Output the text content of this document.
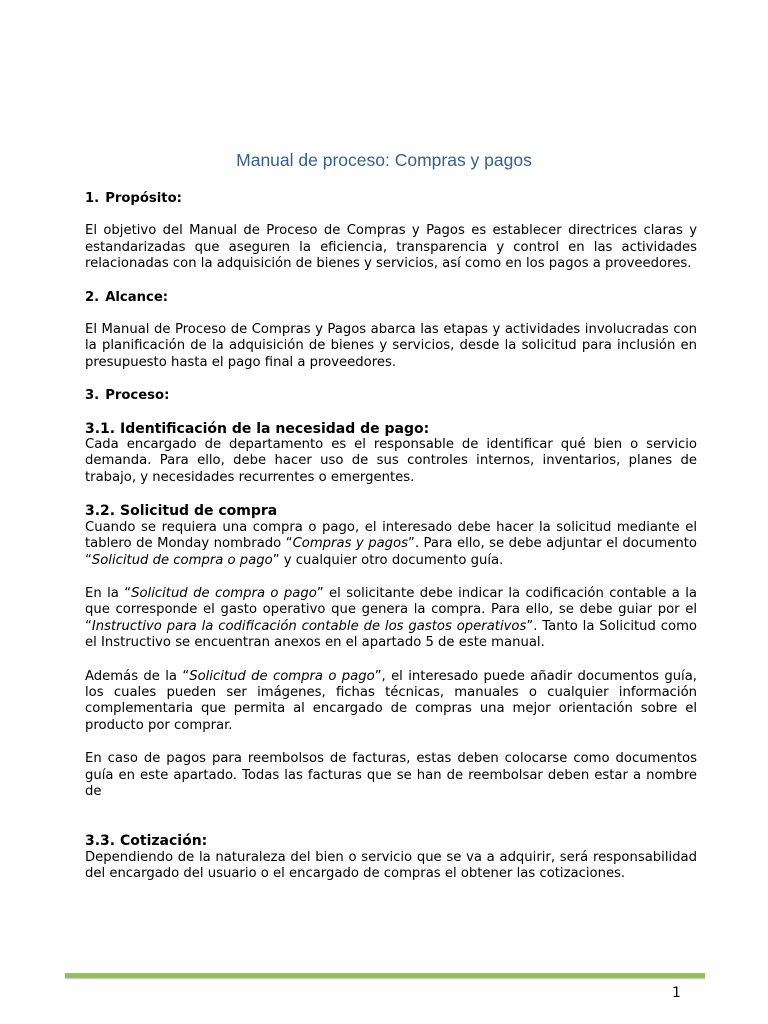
Manual de proceso: Compras y pagos
1. Propósito:

El objetivo del Manual de Proceso de Compras y Pagos es establecer directrices claras y estandarizadas que aseguren la eficiencia, transparencia y control en las actividades relacionadas con la adquisición de bienes y servicios, así como en los pagos a proveedores.

2. Alcance:

El Manual de Proceso de Compras y Pagos abarca las etapas y actividades involucradas con la planificación de la adquisición de bienes y servicios, desde la solicitud para inclusión en presupuesto hasta el pago final a proveedores.

3. Proceso:
3.1. Identificación de la necesidad de pago:

Cada encargado de departamento es el responsable de identificar qué bien o servicio demanda. Para ello, debe hacer uso de sus controles internos, inventarios, planes de trabajo, y necesidades recurrentes o emergentes.

3.2. Solicitud de compra

Cuando se requiera una compra o pago, el interesado debe hacer la solicitud mediante el tablero de Monday nombrado “Compras y pagos”. Para ello, se debe adjuntar el documento “Solicitud de compra o pago” y cualquier otro documento guía.

En la “Solicitud de compra o pago” el solicitante debe indicar la codificación contable a la que corresponde el gasto operativo que genera la compra. Para ello, se debe guiar por el “Instructivo para la codificación contable de los gastos operativos”. Tanto la Solicitud como el Instructivo se encuentran anexos en el apartado 5 de este manual.

Además de la “Solicitud de compra o pago”, el interesado puede añadir documentos guía, los cuales pueden ser imágenes, fichas técnicas, manuales o cualquier información complementaria que permita al encargado de compras una mejor orientación sobre el producto por comprar.

En caso de pagos para reembolsos de facturas, estas deben colocarse como documentos guía en este apartado. Todas las facturas que se han de reembolsar deben estar a nombre de

3.3. Cotización:

Dependiendo de la naturaleza del bien o servicio que se va a adquirir, será responsabilidad del encargado del usuario o el encargado de compras el obtener las cotizaciones.

1
